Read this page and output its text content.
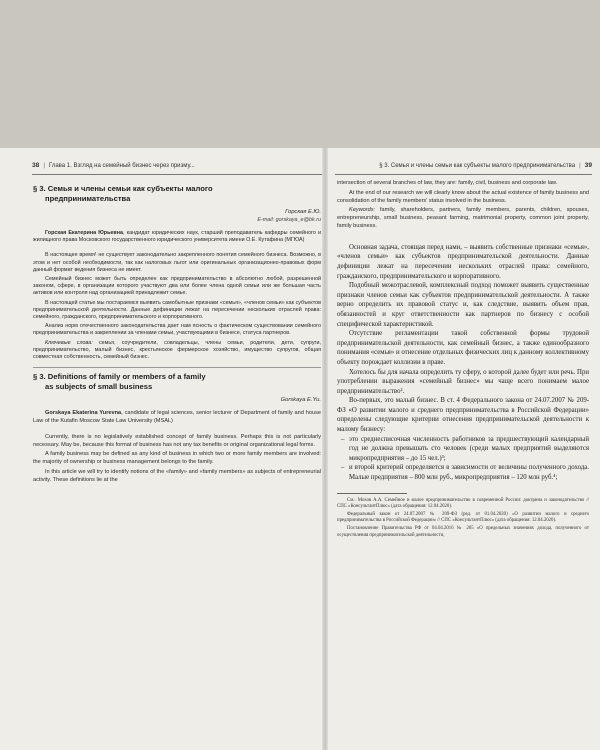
38 | Глава 1. Взгляд на семейный бизнес через призму...
§ 3. Семья и члены семьи как субъекты малого
предпринимательства
Горская Е.Ю.
E-mail: gorskaya_e@bk.ru

Горская Екатерина Юрьевна, кандидат юридических наук, старший преподаватель кафедры семейного и жилищного права Московского государственного юридического университета имени О.Е. Кутафина (МГЮА)

В настоящее время¹ не существует законодательно закрепленного понятия семейного бизнеса. Возможно, в этом и нет особой необходимости, так как налоговых льгот или оригинальных организационно-правовых форм данный формат ведения бизнеса не имеет.

Семейный бизнес может быть определен как предпринимательство в абсолютно любой, разрешенной законом, сфере, в организации которого участвуют два или более члена одной семьи или же большая часть активов или контроля над организацией принадлежит семье.

В настоящей статье мы постараемся выявить самобытные признаки «семья», «членов семьи» как субъектов предпринимательской деятельности. Данные дефиниции лежат на пересечении нескольких отраслей права: семейного, гражданского, предпринимательского и корпоративного.

Анализ норм отечественного законодательства дает нам ясность о фактическом существовании семейного предпринимательства и закреплении за членами семьи, участвующими в бизнесе, статуса партнеров.

Ключевые слова: семья, соучредители, совладельцы, члены семьи, родители, дети, супруги, предпринимательство, малый бизнес, крестьянское фермерское хозяйство, имущество супругов, общая совместная собственность, семейный бизнес.

§ 3. Definitions of family or members of a family
as subjects of small business
Gorskaya E.Yu.

Gorskaya Ekaterina Yurevna, candidate of legal sciences, senior lecturer of Department of family and house Law of the Kutafin Moscow State Law University (MSAL)

Currently, there is no legislatively established concept of family business. Perhaps this is not particularly necessary. May be, because this format of business has not any tax benefits or original organizational legal forms.

A family business may be defined as any kind of business in which two or more family members are involved: the majority of ownership or business management belongs to the family.

In this article we will try to identify notions of the «family» and «family members» as subjects of entrepreneurial activity. These definitions lie at the

§ 3. Семья и члены семьи как субъекты малого предпринимательства | 39

intersection of several branches of law, they are: family, civil, business and corporate law.

At the end of our research we will clearly know about the actual existence of family business and consolidation of the family members' status involved in the business.

Keywords: family, shareholders, partners, family members, parents, children, spouses, entrepreneurship, small business, peasant farming, matrimonial property, common joint property, family business.

Основная задача, стоящая перед нами, – выявить собственные признаки «семья», «членов семьи» как субъектов предпринимательской деятельности. Данные дефиниции лежат на пересечении нескольких отраслей права: семейного, гражданского, предпринимательского и корпоративного.

Подобный межотраслевой, комплексный подход поможет выявить существенные признаки членов семьи как субъектов предпринимательской деятельности. А также верно определить их правовой статус и, как следствие, выявить объем прав, обязанностей и круг ответственности как партнеров по бизнесу с особой специфической характеристикой.

Отсутствие регламентации такой собственной формы трудовой предпринимательской деятельности, как семейный бизнес, а также единообразного понимания «семья» и отнесение отдельных физических лиц к данному коллективному объекту порождает коллизии в праве.

Хотелось бы для начала определить ту сферу, о которой далее будет или речь. При употреблении выражения «семейный бизнес» мы чаще всего понимаем малое предпринимательство².

Во-первых, это малый бизнес. В ст. 4 Федерального закона от 24.07.2007 № 209-ФЗ «О развитии малого и среднего предпринимательства в Российской Федерации» определены следующие критерии отнесения предпринимательской деятельности к малому бизнесу:

– это среднесписочная численность работников за предшествующий календарный год не должна превышать сто человек (среди малых предприятий выделяются микропредприятия – до 15 чел.)³;

– и второй критерий определяется в зависимости от величины полученного дохода. Малые предприятия – 800 млн руб., микропредприятия – 120 млн руб.⁴;

См.: Мохов А.А. Семейное и малое предпринимательство в современной России: доктрина и законодательство // СПС «КонсультантПлюс» (дата обращения: 12.04.2020).

Федеральный закон от 24.07.2007 № 209-ФЗ (ред. от 01.04.2020) «О развитии малого и среднего предпринимательства в Российской Федерации» // СПС «КонсультантПлюс» (дата обращения: 12.04.2020).

Постановление Правительства РФ от 04.04.2016 № 265 «О предельных значениях дохода, полученного от осуществления предпринимательской деятельности,
